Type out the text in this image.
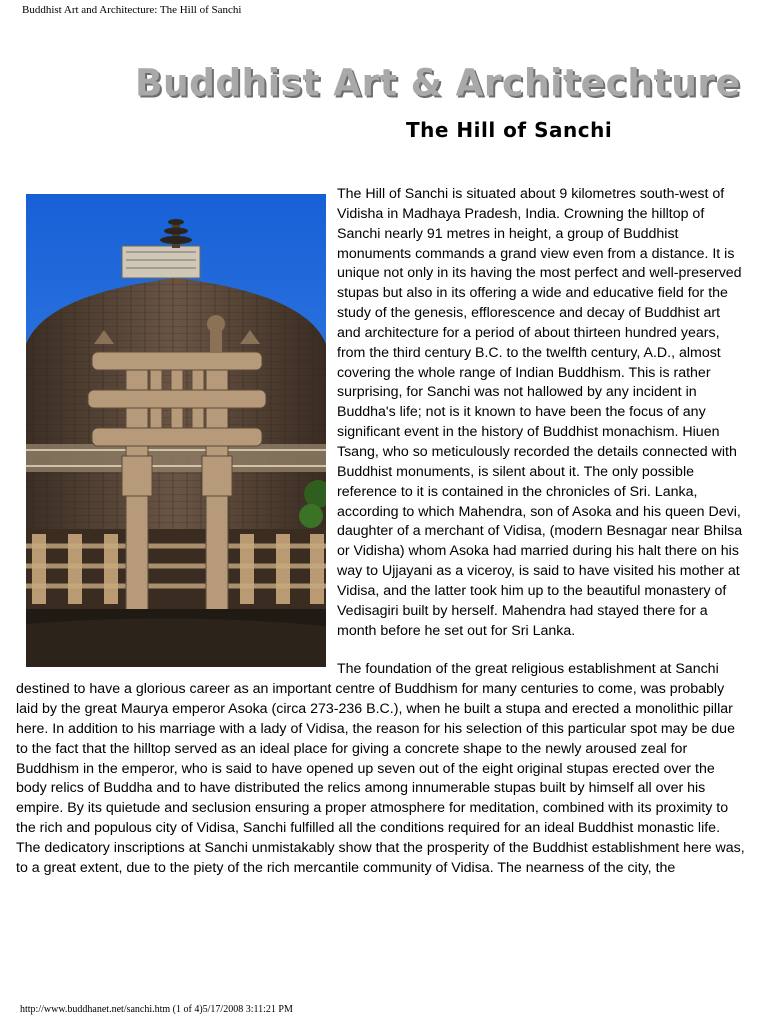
Buddhist Art and Architecture: The Hill of Sanchi
Buddhist Art & Architechture
The Hill of Sanchi

The Hill of Sanchi is situated about 9 kilometres south-west of Vidisha in Madhaya Pradesh, India. Crowning the hilltop of Sanchi nearly 91 metres in height, a group of Buddhist monuments commands a grand view even from a distance. It is unique not only in its having the most perfect and well-preserved stupas but also in its offering a wide and educative field for the study of the genesis, efflorescence and decay of Buddhist art and architecture for a period of about thirteen hundred years, from the third century B.C. to the twelfth century, A.D., almost covering the whole range of Indian Buddhism. This is rather surprising, for Sanchi was not hallowed by any incident in Buddha's life; not is it known to have been the focus of any significant event in the history of Buddhist monachism. Hiuen Tsang, who so meticulously recorded the details connected with Buddhist monuments, is silent about it. The only possible reference to it is contained in the chronicles of Sri. Lanka, according to which Mahendra, son of Asoka and his queen Devi, daughter of a merchant of Vidisa, (modern Besnagar near Bhilsa or Vidisha) whom Asoka had married during his halt there on his way to Ujjayani as a viceroy, is said to have visited his mother at Vidisa, and the latter took him up to the beautiful monastery of Vedisagiri built by herself. Mahendra had stayed there for a month before he set out for Sri Lanka.

The foundation of the great religious establishment at Sanchi destined to have a glorious career as an important centre of Buddhism for many centuries to come, was probably laid by the great Maurya emperor Asoka (circa 273-236 B.C.), when he built a stupa and erected a monolithic pillar here. In addition to his marriage with a lady of Vidisa, the reason for his selection of this particular spot may be due to the fact that the hilltop served as an ideal place for giving a concrete shape to the newly aroused zeal for Buddhism in the emperor, who is said to have opened up seven out of the eight original stupas erected over the body relics of Buddha and to have distributed the relics among innumerable stupas built by himself all over his empire. By its quietude and seclusion ensuring a proper atmosphere for meditation, combined with its proximity to the rich and populous city of Vidisa, Sanchi fulfilled all the conditions required for an ideal Buddhist monastic life. The dedicatory inscriptions at Sanchi unmistakably show that the prosperity of the Buddhist establishment here was, to a great extent, due to the piety of the rich mercantile community of Vidisa. The nearness of the city, the

http://www.buddhanet.net/sanchi.htm (1 of 4)5/17/2008 3:11:21 PM
